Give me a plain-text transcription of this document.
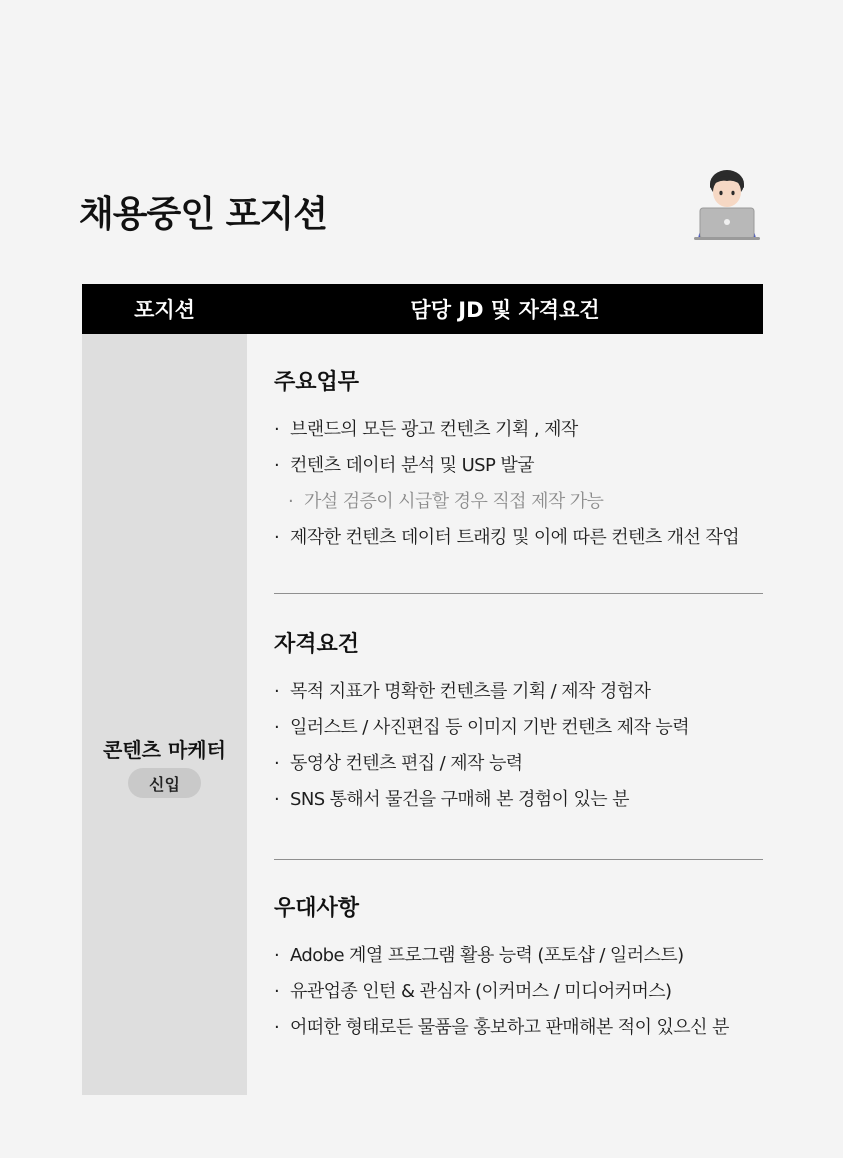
채용중인 포지션
포지션	담당 JD 및 자격요건
콘텐츠 마케터
신입
주요업무
· 브랜드의 모든 광고 컨텐츠 기획 , 제작
· 컨텐츠 데이터 분석 및 USP 발굴
· 가설 검증이 시급할 경우 직접 제작 가능
· 제작한 컨텐츠 데이터 트래킹 및 이에 따른 컨텐츠 개선 작업
자격요건
· 목적 지표가 명확한 컨텐츠를 기획 / 제작 경험자
· 일러스트 / 사진편집 등 이미지 기반 컨텐츠 제작 능력
· 동영상 컨텐츠 편집 / 제작 능력
· SNS 통해서 물건을 구매해 본 경험이 있는 분
우대사항
· Adobe 계열 프로그램 활용 능력 (포토샵 / 일러스트)
· 유관업종 인턴 & 관심자 (이커머스 / 미디어커머스)
· 어떠한 형태로든 물품을 홍보하고 판매해본 적이 있으신 분
